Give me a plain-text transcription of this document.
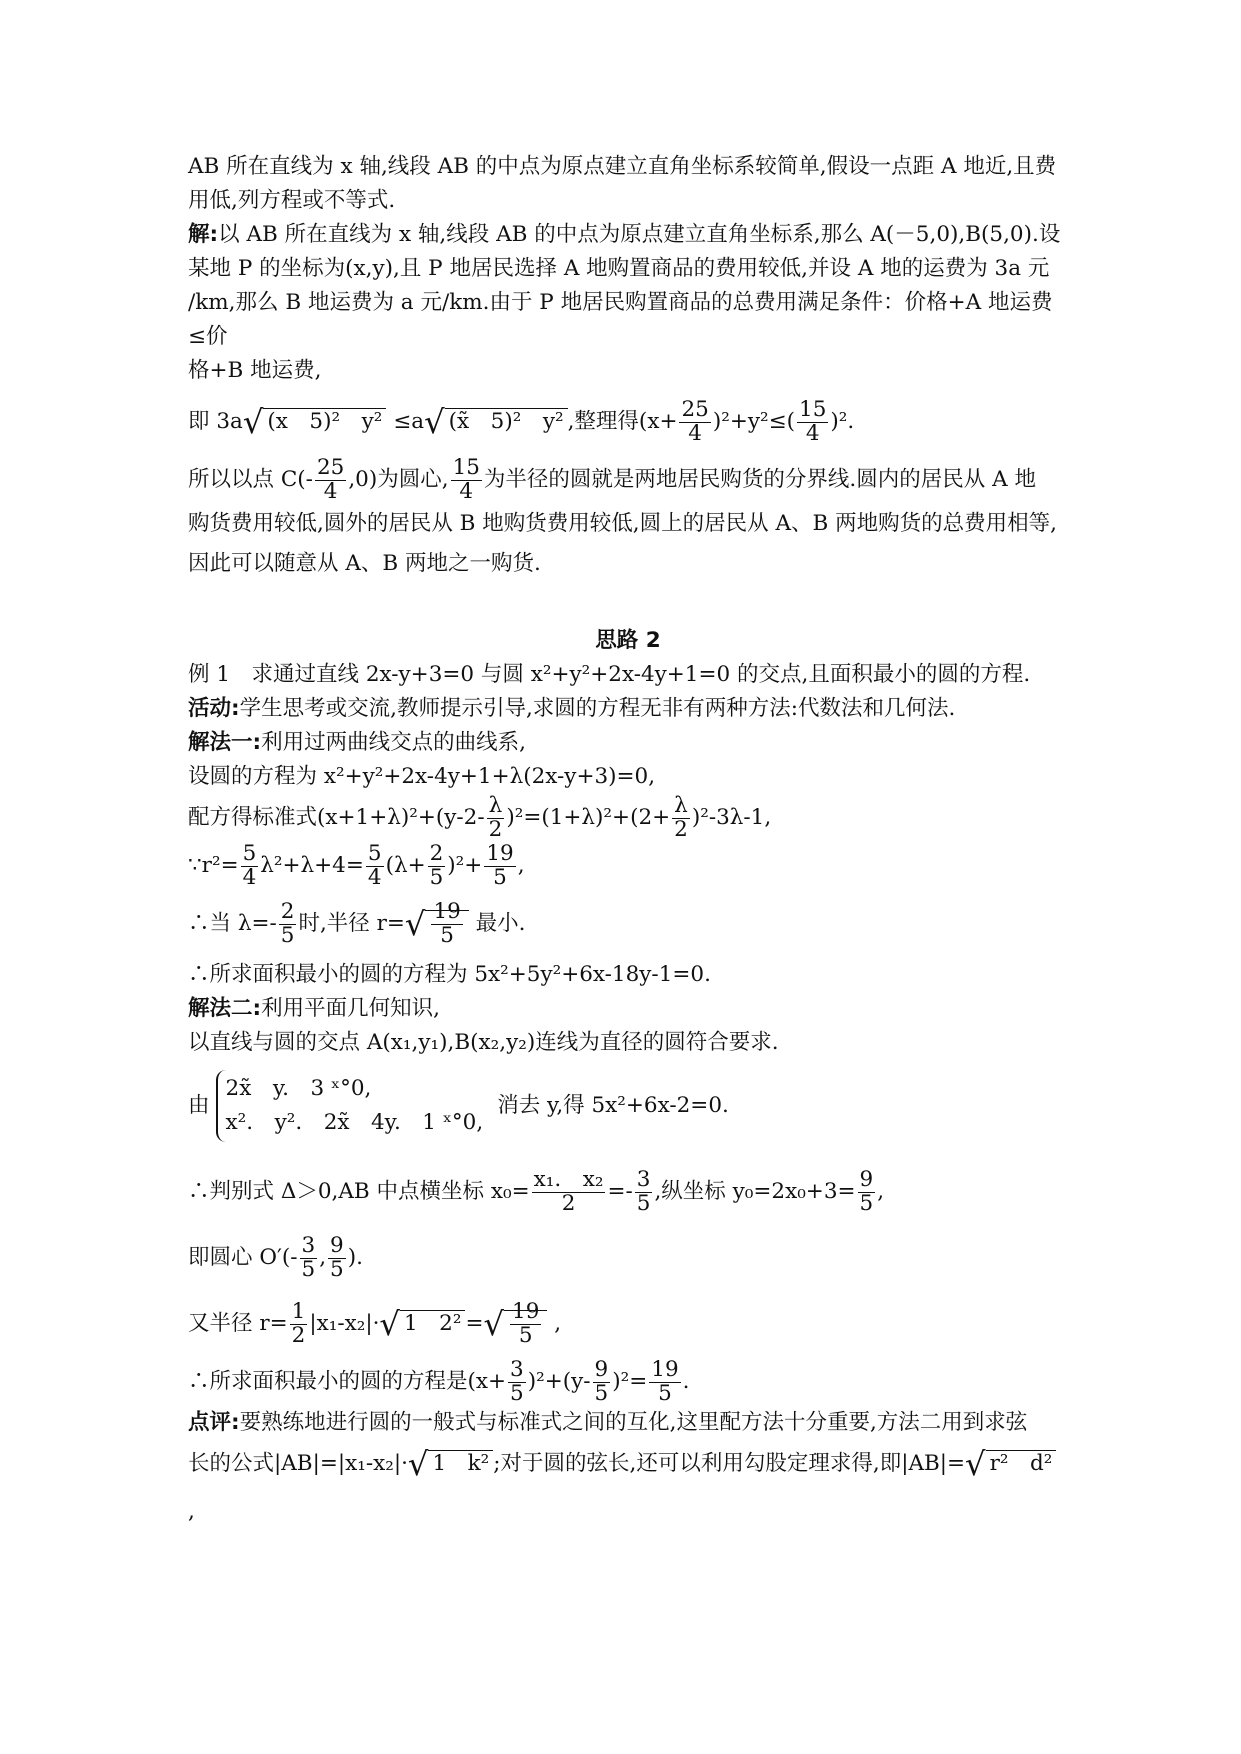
AB 所在直线为 x 轴,线段 AB 的中点为原点建立直角坐标系较简单,假设一点距 A 地近,且费

用低,列方程或不等式.

解:以 AB 所在直线为 x 轴,线段 AB 的中点为原点建立直角坐标系,那么 A(－5,0),B(5,0).设

某地 P 的坐标为(x,y),且 P 地居民选择 A 地购置商品的费用较低,并设 A 地的运费为 3a 元

/km,那么 B 地运费为 a 元/km.由于 P 地居民购置商品的总费用满足条件：价格+A 地运费≤价

格+B 地运费,

即 3a√ (x　5)²　y² ≤a√ (x̃　5)²　y² ,整理得$(x+ \frac{25}{4} )^2+y^2\le( \frac{15}{4} )^2$.

所以以点 $C(- \frac{25}{4} ,0)$为圆心, $\frac{15}{4}$ 为半径的圆就是两地居民购货的分界线.圆内的居民从 A 地

购货费用较低,圆外的居民从 B 地购货费用较低,圆上的居民从 A、B 两地购货的总费用相等,

因此可以随意从 A、B 两地之一购货.

思路 2

例 1　求通过直线 2x-y+3=0 与圆 x²+y²+2x-4y+1=0 的交点,且面积最小的圆的方程.

活动:学生思考或交流,教师提示引导,求圆的方程无非有两种方法:代数法和几何法.

解法一:利用过两曲线交点的曲线系,

设圆的方程为 x²+y²+2x-4y+1+λ(2x-y+3)=0,

配方得标准式$(x+1+\lambda)^2+(y-2- \frac{\lambda}{2} )^2=(1+\lambda)^2+(2+ \frac{\lambda}{2} )^2-3\lambda-1$,

∵r²= $\frac{5}{4} \lambda^2+\lambda+4= \frac{5}{4} (\lambda+ \frac{2}{5} )^2+ \frac{19}{5}$ ,

∴当 $\lambda=- \frac{2}{5}$ 时,半径 $r=√ \frac{19}{5}$ 最小.

∴所求面积最小的圆的方程为 5x²+5y²+6x-18y-1=0.

解法二:利用平面几何知识,

以直线与圆的交点 A(x₁,y₁),B(x₂,y₂)连线为直径的圆符合要求.

由
2x̃　y.　3 ˣ°0,
x².　y².　2x̃　4y.　1 ˣ°0,
消去 y,得 5x²+6x-2=0.

∴判别式 Δ＞0,AB 中点横坐标 $x_0= \frac{\text{x₁.　x₂}}{2} =- \frac{3}{5}$ ,纵坐标 $y_0=2x_0+3= \frac{9}{5}$ ,

即圆心 $O'(- \frac{3}{5}$ , $\frac{9}{5}$ ).

又半径 $r= \frac{1}{2} |x_1-x_2|\cdot√$ 1　2² =√ $\frac{19}{5}$ ,

∴所求面积最小的圆的方程是$(x+ \frac{3}{5} )^2+(y- \frac{9}{5} )^2= \frac{19}{5}$ .

点评:要熟练地进行圆的一般式与标准式之间的互化,这里配方法十分重要,方法二用到求弦

长的公式|AB|=|x₁-x₂|·√ 1　k² ;对于圆的弦长,还可以利用勾股定理求得,即|AB|=√ r²　d² ,
